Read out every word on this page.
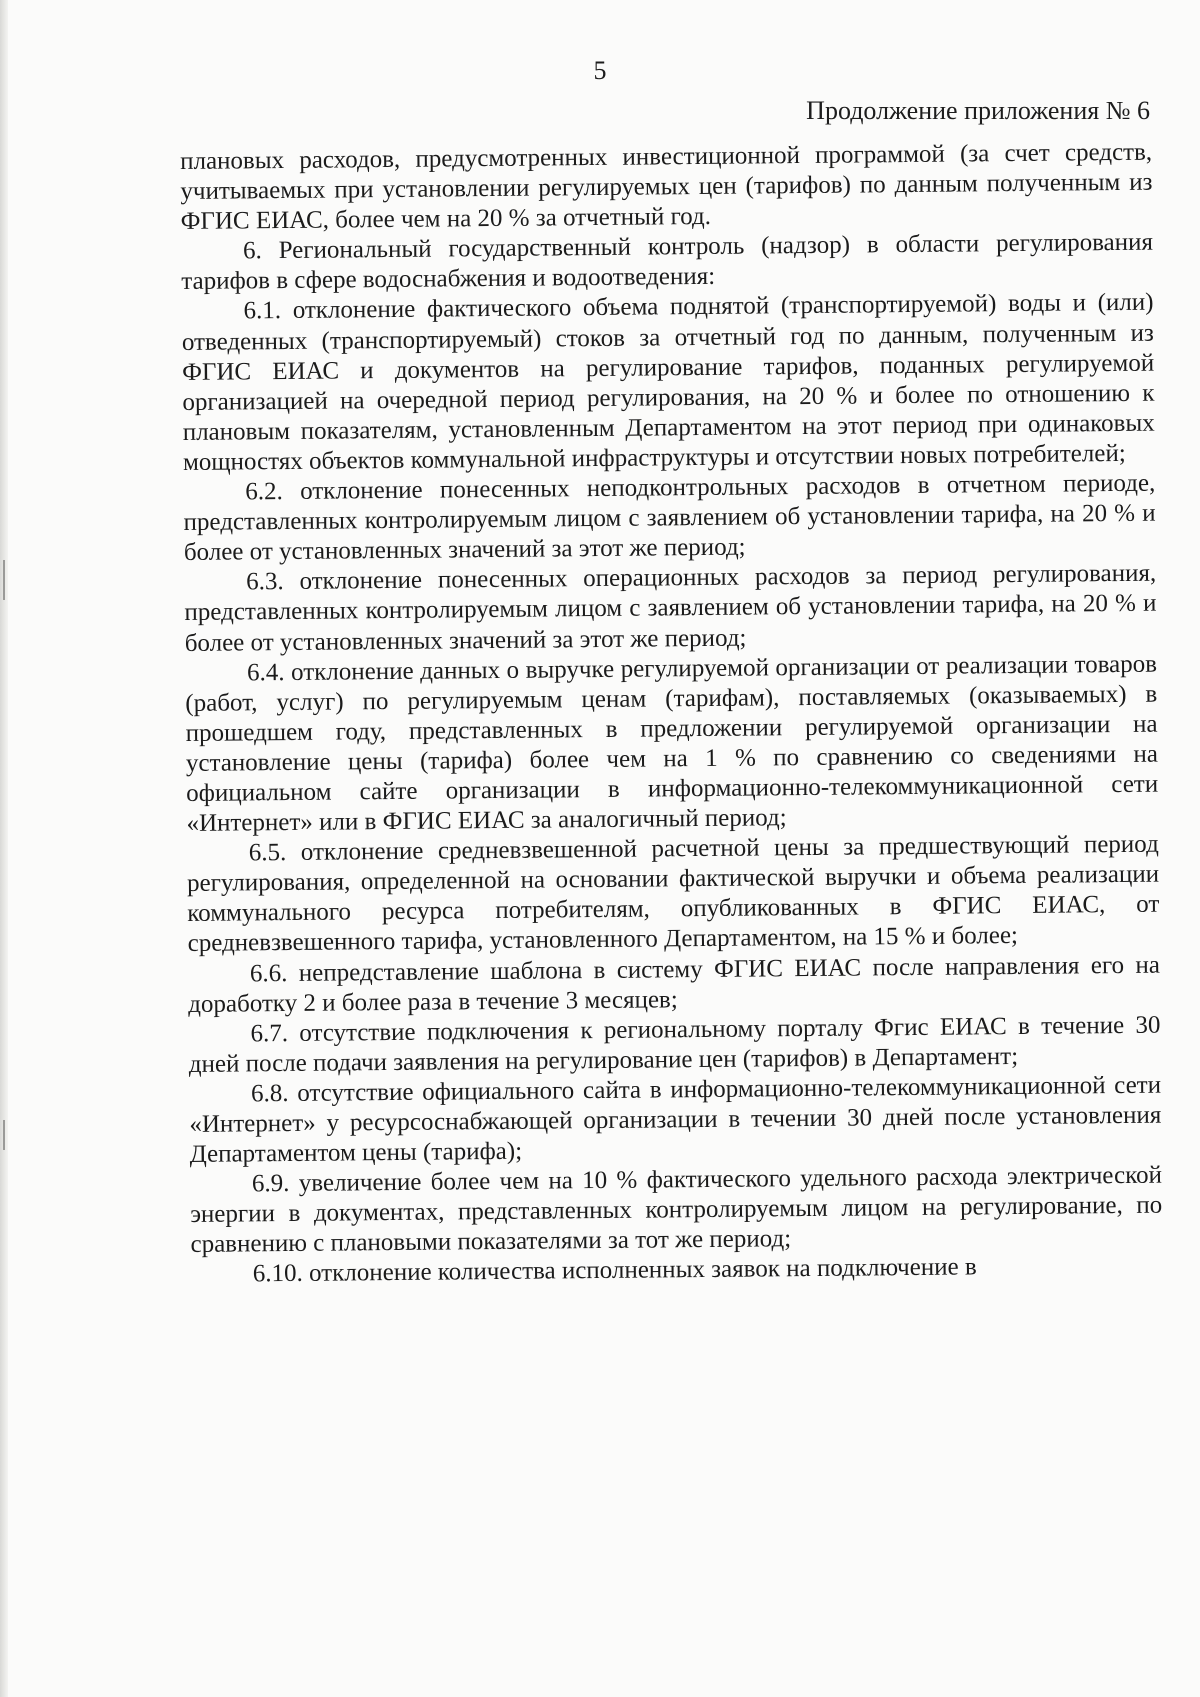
5

Продолжение приложения № 6

плановых расходов, предусмотренных инвестиционной программой (за счет средств, учитываемых при установлении регулируемых цен (тарифов) по данным полученным из ФГИС ЕИАС, более чем на 20 % за отчетный год.

6. Региональный государственный контроль (надзор) в области регулирования тарифов в сфере водоснабжения и водоотведения:

6.1. отклонение фактического объема поднятой (транспортируемой) воды и (или) отведенных (транспортируемый) стоков за отчетный год по данным, полученным из ФГИС ЕИАС и документов на регулирование тарифов, поданных регулируемой организацией на очередной период регулирования, на 20 % и более по отношению к плановым показателям, установленным Департаментом на этот период при одинаковых мощностях объектов коммунальной инфраструктуры и отсутствии новых потребителей;

6.2. отклонение понесенных неподконтрольных расходов в отчетном периоде, представленных контролируемым лицом с заявлением об установлении тарифа, на 20 % и более от установленных значений за этот же период;

6.3. отклонение понесенных операционных расходов за период регулирования, представленных контролируемым лицом с заявлением об установлении тарифа, на 20 % и более от установленных значений за этот же период;

6.4. отклонение данных о выручке регулируемой организации от реализации товаров (работ, услуг) по регулируемым ценам (тарифам), поставляемых (оказываемых) в прошедшем году, представленных в предложении регулируемой организации на установление цены (тарифа) более чем на 1 % по сравнению со сведениями на официальном сайте организации в информационно-телекоммуникационной сети «Интернет» или в ФГИС ЕИАС за аналогичный период;

6.5. отклонение средневзвешенной расчетной цены за предшествующий период регулирования, определенной на основании фактической выручки и объема реализации коммунального ресурса потребителям, опубликованных в ФГИС ЕИАС, от средневзвешенного тарифа, установленного Департаментом, на 15 % и более;

6.6. непредставление шаблона в систему ФГИС ЕИАС после направления его на доработку 2 и более раза в течение 3 месяцев;

6.7. отсутствие подключения к региональному порталу Фгис ЕИАС в течение 30 дней после подачи заявления на регулирование цен (тарифов) в Департамент;

6.8. отсутствие официального сайта в информационно-телекоммуникационной сети «Интернет» у ресурсоснабжающей организации в течении 30 дней после установления Департаментом цены (тарифа);

6.9. увеличение более чем на 10 % фактического удельного расхода электрической энергии в документах, представленных контролируемым лицом на регулирование, по сравнению с плановыми показателями за тот же период;

6.10. отклонение количества исполненных заявок на подключение в
